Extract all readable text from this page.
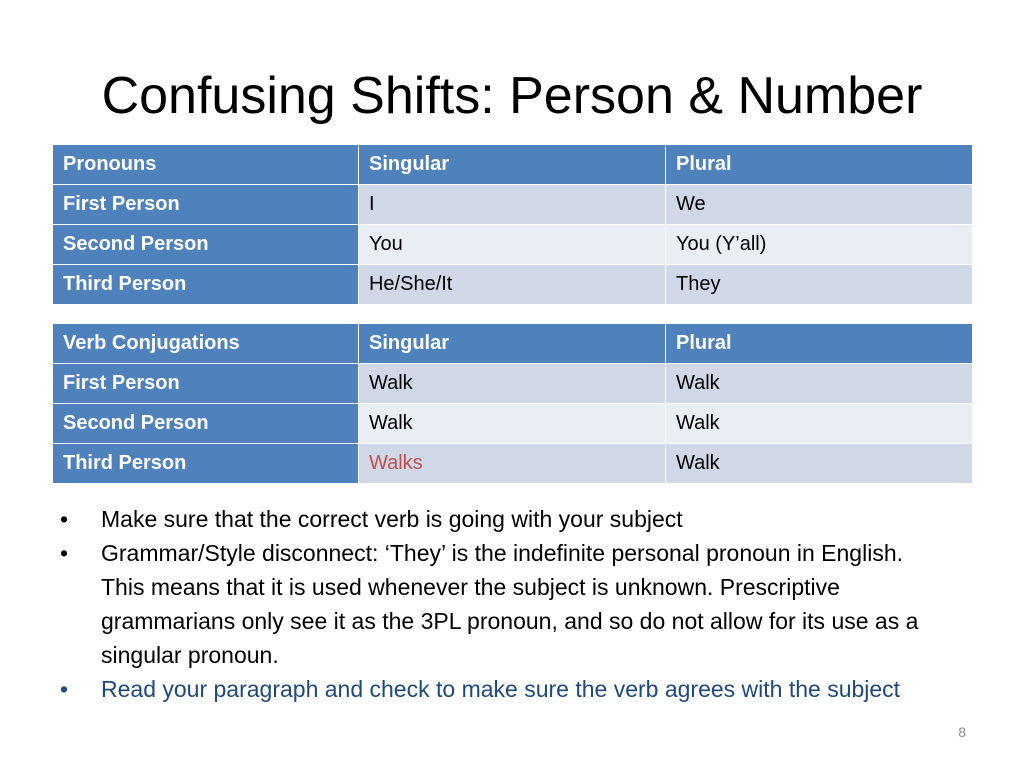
Confusing Shifts: Person & Number
Pronouns	Singular	Plural
First Person	I	We
Second Person	You	You (Y’all)
Third Person	He/She/It	They
Verb Conjugations	Singular	Plural
First Person	Walk	Walk
Second Person	Walk	Walk
Third Person	Walks	Walk
• Make sure that the correct verb is going with your subject
• Grammar/Style disconnect: ‘They’ is the indefinite personal pronoun in English. This means that it is used whenever the subject is unknown. Prescriptive grammarians only see it as the 3PL pronoun, and so do not allow for its use as a singular pronoun.
• Read your paragraph and check to make sure the verb agrees with the subject
8
